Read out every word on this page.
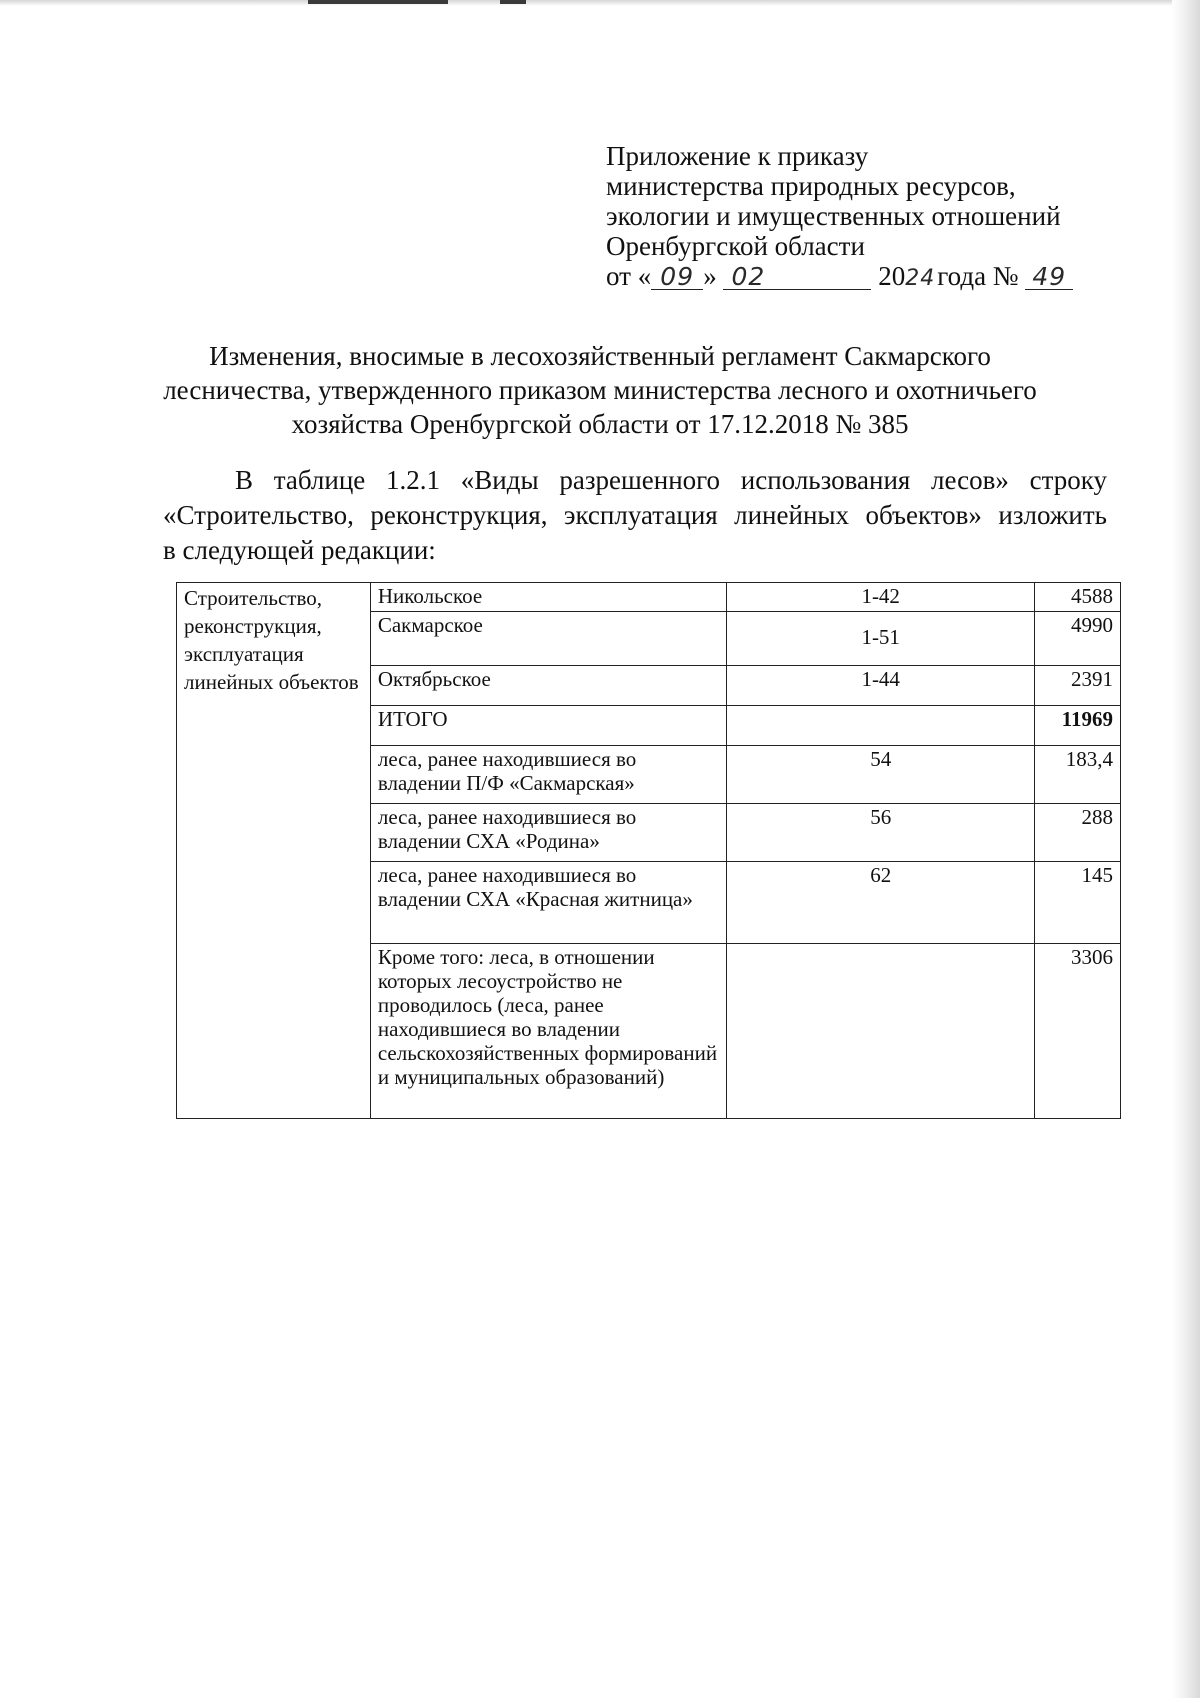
Приложение к приказу
министерства природных ресурсов,
экологии и имущественных отношений
Оренбургской области
от « 09 » 02	2024года № 49
Изменения, вносимые в лесохозяйственный регламент Сакмарского
лесничества, утвержденного приказом министерства лесного и охотничьего
хозяйства Оренбургской области от 17.12.2018 № 385
В таблице 1.2.1 «Виды разрешенного использования лесов» строку
«Строительство, реконструкция, эксплуатация линейных объектов» изложить
в следующей редакции:
Строительство, реконструкция, эксплуатация линейных объектов	Никольское	1-42	4588
	Сакмарское	1-51	4990
	Октябрьское	1-44	2391
	ИТОГО		11969
	леса, ранее находившиеся во владении П/Ф «Сакмарская»	54	183,4
	леса, ранее находившиеся во владении СХА «Родина»	56	288
	леса, ранее находившиеся во владении СХА «Красная житница»	62	145
	Кроме того: леса, в отношении которых лесоустройство не проводилось (леса, ранее находившиеся во владении сельскохозяйственных формирований и муниципальных образований)		3306
